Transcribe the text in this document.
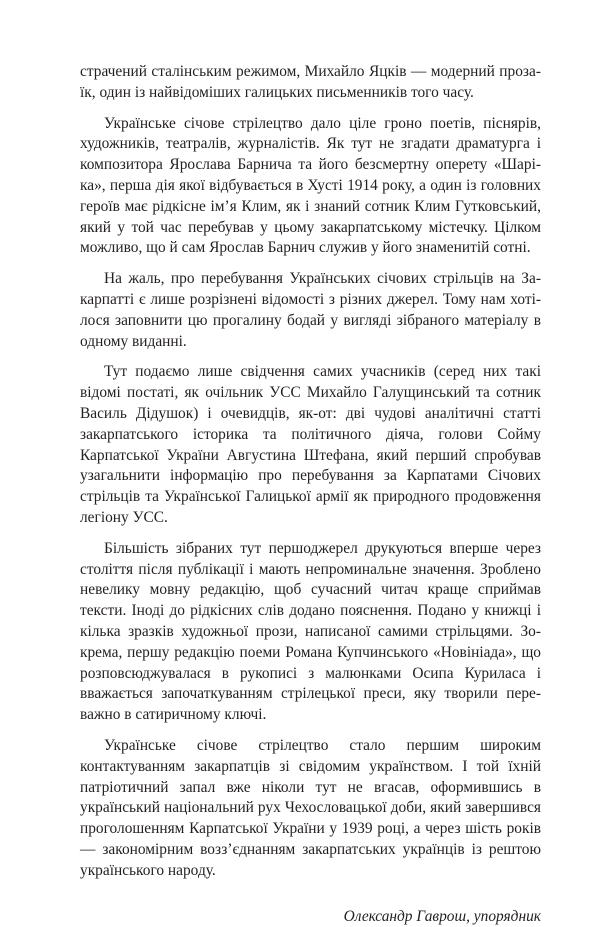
страчений сталінським режимом, Михайло Яцків — модерний прозаїк, один із найвідоміших галицьких письменників того часу.

Українське січове стрілецтво дало ціле гроно поетів, піснярів, художників, театралів, журналістів. Як тут не згадати драматурга і композитора Ярослава Барнича та його безсмертну оперету «Шаріка», перша дія якої відбувається в Хусті 1914 року, а один із головних героїв має рідкісне ім’я Клим, як і знаний сотник Клим Гутковський, який у той час перебував у цьому закарпатському містечку. Цілком можливо, що й сам Ярослав Барнич служив у його знаменитій сотні.

На жаль, про перебування Українських січових стрільців на Закарпатті є лише розрізнені відомості з різних джерел. Тому нам хотілося заповнити цю прогалину бодай у вигляді зібраного матеріалу в одному виданні.

Тут подаємо лише свідчення самих учасників (серед них такі відомі постаті, як очільник УСС Михайло Галущинський та сотник Василь Дідушок) і очевидців, як-от: дві чудові аналітичні статті закарпатського історика та політичного діяча, голови Сойму Карпатської України Августина Штефана, який перший спробував узагальнити інформацію про перебування за Карпатами Січових стрільців та Української Галицької армії як природного продовження легіону УСС.

Більшість зібраних тут першоджерел друкуються вперше через століття після публікації і мають непроминальне значення. Зроблено невелику мовну редакцію, щоб сучасний читач краще сприймав тексти. Іноді до рідкісних слів додано пояснення. Подано у книжці і кілька зразків художньої прози, написаної самими стрільцями. Зокрема, першу редакцію поеми Романа Купчинського «Новініада», що розповсюджувалася в рукописі з малюнками Осипа Куриласа і вважається започаткуванням стрілецької преси, яку творили переважно в сатиричному ключі.

Українське січове стрілецтво стало першим широким контактуванням закарпатців зі свідомим українством. І той їхній патріотичний запал вже ніколи тут не вгасав, оформившись в український національний рух Чехословацької доби, який завершився проголошенням Карпатської України у 1939 році, а через шість років — закономірним возз’єднанням закарпатських українців із рештою українського народу.

Олександр Гаврош, упорядник
